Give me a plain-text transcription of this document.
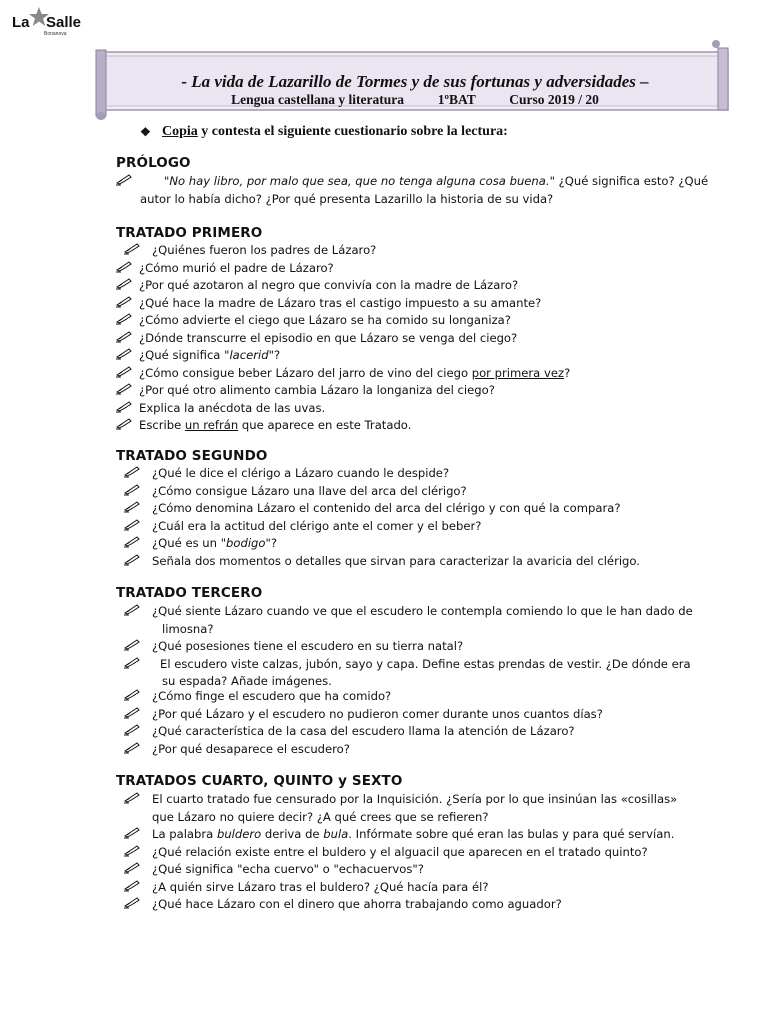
La Salle
Bonanova
- La vida de Lazarillo de Tormes y de sus fortunas y adversidades –
Lengua castellana y literatura	1ºBAT	Curso 2019 / 20
❖ Copia y contesta el siguiente cuestionario sobre la lectura:
PRÓLOGO
"No hay libro, por malo que sea, que no tenga alguna cosa buena." ¿Qué significa esto? ¿Qué
autor lo había dicho? ¿Por qué presenta Lazarillo la historia de su vida?
TRATADO PRIMERO
¿Quiénes fueron los padres de Lázaro?
¿Cómo murió el padre de Lázaro?
¿Por qué azotaron al negro que convivía con la madre de Lázaro?
¿Qué hace la madre de Lázaro tras el castigo impuesto a su amante?
¿Cómo advierte el ciego que Lázaro se ha comido su longaniza?
¿Dónde transcurre el episodio en que Lázaro se venga del ciego?
¿Qué significa "lacerid"?
¿Cómo consigue beber Lázaro del jarro de vino del ciego por primera vez?
¿Por qué otro alimento cambia Lázaro la longaniza del ciego?
Explica la anécdota de las uvas.
Escribe un refrán que aparece en este Tratado.
TRATADO SEGUNDO
¿Qué le dice el clérigo a Lázaro cuando le despide?
¿Cómo consigue Lázaro una llave del arca del clérigo?
¿Cómo denomina Lázaro el contenido del arca del clérigo y con qué la compara?
¿Cuál era la actitud del clérigo ante el comer y el beber?
¿Qué es un "bodigo"?
Señala dos momentos o detalles que sirvan para caracterizar la avaricia del clérigo.
TRATADO TERCERO
¿Qué siente Lázaro cuando ve que el escudero le contempla comiendo lo que le han dado de
limosna?
¿Qué posesiones tiene el escudero en su tierra natal?
El escudero viste calzas, jubón, sayo y capa. Define estas prendas de vestir. ¿De dónde era
su espada? Añade imágenes.
¿Cómo finge el escudero que ha comido?
¿Por qué Lázaro y el escudero no pudieron comer durante unos cuantos días?
¿Qué característica de la casa del escudero llama la atención de Lázaro?
¿Por qué desaparece el escudero?
TRATADOS CUARTO, QUINTO y SEXTO
El cuarto tratado fue censurado por la Inquisición. ¿Sería por lo que insinúan las «cosillas»
que Lázaro no quiere decir? ¿A qué crees que se refieren?
La palabra buldero deriva de bula. Infórmate sobre qué eran las bulas y para qué servían.
¿Qué relación existe entre el buldero y el alguacil que aparecen en el tratado quinto?
¿Qué significa "echa cuervo" o "echacuervos"?
¿A quién sirve Lázaro tras el buldero? ¿Qué hacía para él?
¿Qué hace Lázaro con el dinero que ahorra trabajando como aguador?
